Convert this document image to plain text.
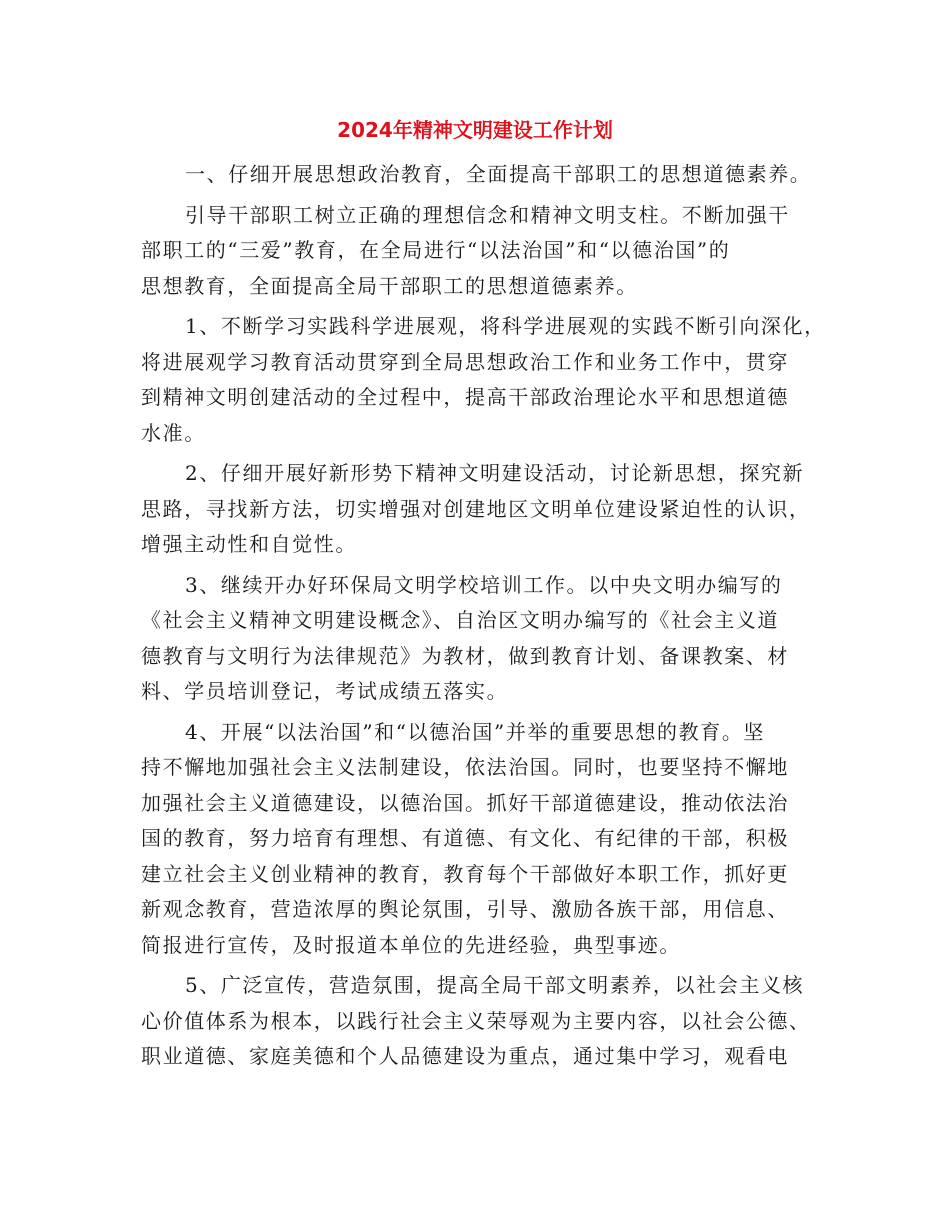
2024年精神文明建设工作计划
一、仔细开展思想政治教育，全面提高干部职工的思想道德素养。
引导干部职工树立正确的理想信念和精神文明支柱。不断加强干
部职工的“三爱”教育，在全局进行“以法治国”和“以德治国”的
思想教育，全面提高全局干部职工的思想道德素养。
1、不断学习实践科学进展观，将科学进展观的实践不断引向深化，
将进展观学习教育活动贯穿到全局思想政治工作和业务工作中，贯穿
到精神文明创建活动的全过程中，提高干部政治理论水平和思想道德
水准。
2、仔细开展好新形势下精神文明建设活动，讨论新思想，探究新
思路，寻找新方法，切实增强对创建地区文明单位建设紧迫性的认识，
增强主动性和自觉性。
3、继续开办好环保局文明学校培训工作。以中央文明办编写的
《社会主义精神文明建设概念》、自治区文明办编写的《社会主义道
德教育与文明行为法律规范》为教材，做到教育计划、备课教案、材
料、学员培训登记，考试成绩五落实。
4、开展“以法治国”和“以德治国”并举的重要思想的教育。坚
持不懈地加强社会主义法制建设，依法治国。同时，也要坚持不懈地
加强社会主义道德建设，以德治国。抓好干部道德建设，推动依法治
国的教育，努力培育有理想、有道德、有文化、有纪律的干部，积极
建立社会主义创业精神的教育，教育每个干部做好本职工作，抓好更
新观念教育，营造浓厚的舆论氛围，引导、激励各族干部，用信息、
简报进行宣传，及时报道本单位的先进经验，典型事迹。
5、广泛宣传，营造氛围，提高全局干部文明素养，以社会主义核
心价值体系为根本，以践行社会主义荣辱观为主要内容，以社会公德、
职业道德、家庭美德和个人品德建设为重点，通过集中学习，观看电
